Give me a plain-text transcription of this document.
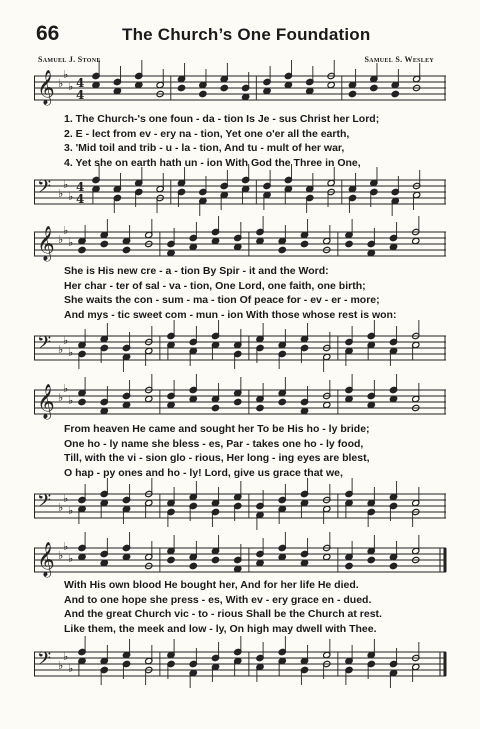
66	The Church’s One Foundation
Samuel J. Stone	Samuel S. Wesley
𝄞 ♭
♭
♭ 4
4
1. The Church-'s one foun - da - tion Is Je - sus Christ her Lord;
2. E - lect from ev - ery na - tion, Yet one o'er all the earth,
3. 'Mid toil and trib - u - la - tion, And tu - mult of her war,
4. Yet she on earth hath un - ion With God the Three in One,
𝄢 ♭
♭
♭
4
4
𝄞 ♭
♭
♭
She is His new cre - a - tion By Spir - it and the Word:
Her char - ter of sal - va - tion, One Lord, one faith, one birth;
She waits the con - sum - ma - tion Of peace for - ev - er - more;
And mys - tic sweet com - mun - ion With those whose rest is won:
𝄢 ♭
♭
♭
𝄞 ♭
♭
♭
From heaven He came and sought her To be His ho - ly bride;
One ho - ly name she bless - es, Par - takes one ho - ly food,
Till, with the vi - sion glo - rious, Her long - ing eyes are blest,
O hap - py ones and ho - ly! Lord, give us grace that we,
𝄢 ♭
♭
♭
𝄞 ♭
♭
♭
With His own blood He bought her, And for her life He died.
And to one hope she press - es, With ev - ery grace en - dued.
And the great Church vic - to - rious Shall be the Church at rest.
Like them, the meek and low - ly, On high may dwell with Thee.
𝄢 ♭
♭
♭
